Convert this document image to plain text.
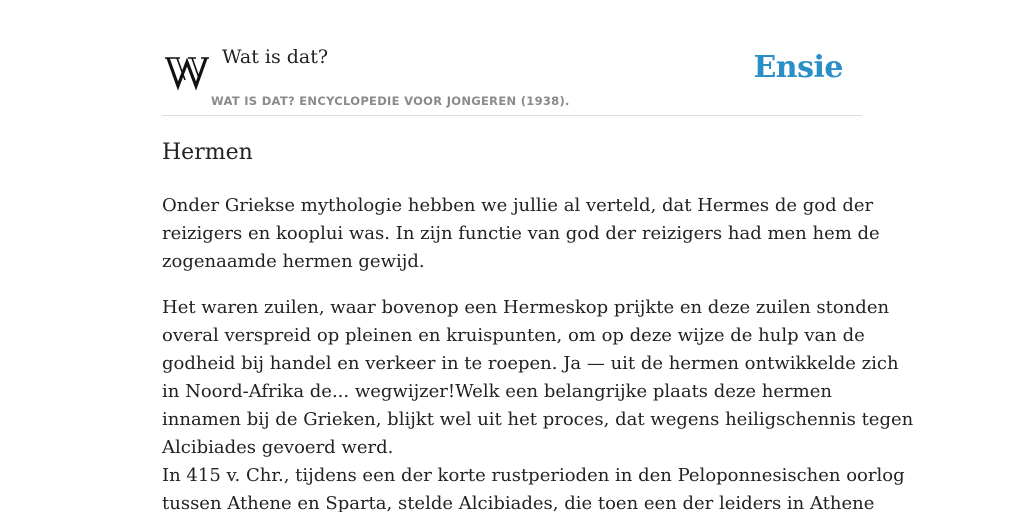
Wat is dat?
WAT IS DAT? ENCYCLOPEDIE VOOR JONGEREN (1938).
Ensie
Hermen

Onder Griekse mythologie hebben we jullie al verteld, dat Hermes de god der
reizigers en kooplui was. In zijn functie van god der reizigers had men hem de
zogenaamde hermen gewijd.

Het waren zuilen, waar bovenop een Hermeskop prijkte en deze zuilen stonden
overal verspreid op pleinen en kruispunten, om op deze wijze de hulp van de
godheid bij handel en verkeer in te roepen. Ja — uit de hermen ontwikkelde zich
in Noord-Afrika de... wegwijzer!Welk een belangrijke plaats deze hermen
innamen bij de Grieken, blijkt wel uit het proces, dat wegens heiligschennis tegen
Alcibiades gevoerd werd.
In 415 v. Chr., tijdens een der korte rustperioden in den Peloponnesischen oorlog
tussen Athene en Sparta, stelde Alcibiades, die toen een der leiders in Athene
